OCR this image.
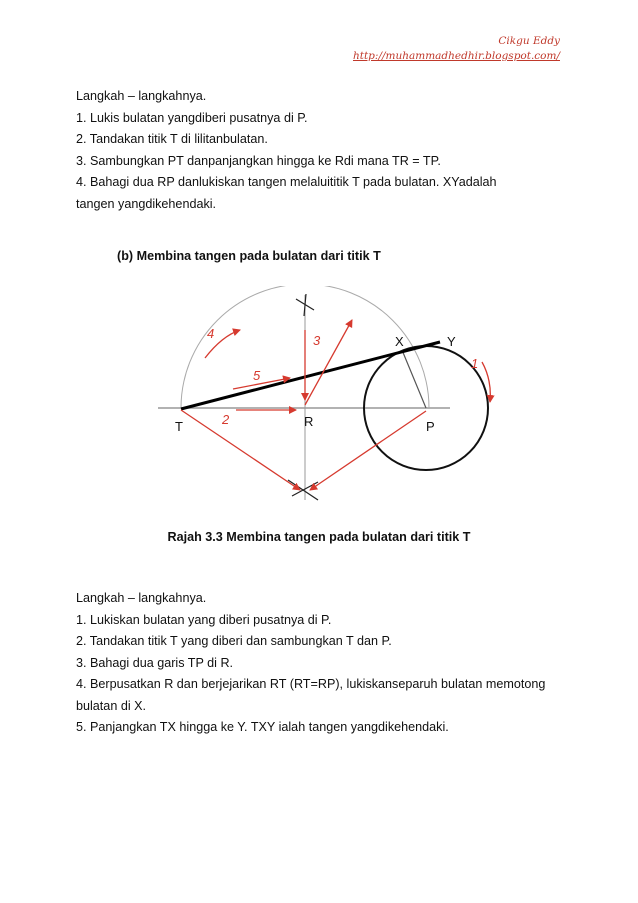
Cikgu Eddy
http://muhammadhedhir.blogspot.com/

Langkah – langkahnya.

1. Lukis bulatan yangdiberi pusatnya di P.

2. Tandakan titik T di lilitanbulatan.

3. Sambungkan PT danpanjangkan hingga ke Rdi mana TR = TP.

4. Bahagi dua RP danlukiskan tangen melaluititik T pada bulatan. XYadalah

tangen yangdikehendaki.

(b) Membina tangen pada bulatan dari titik T
1
2
3
4
5
T	R	P
X	Y
Rajah 3.3 Membina tangen pada bulatan dari titik T

Langkah – langkahnya.

1. Lukiskan bulatan yang diberi pusatnya di P.

2. Tandakan titik T yang diberi dan sambungkan T dan P.

3. Bahagi dua garis TP di R.

4. Berpusatkan R dan berjejarikan RT (RT=RP), lukiskanseparuh bulatan memotong

bulatan di X.

5. Panjangkan TX hingga ke Y. TXY ialah tangen yangdikehendaki.
